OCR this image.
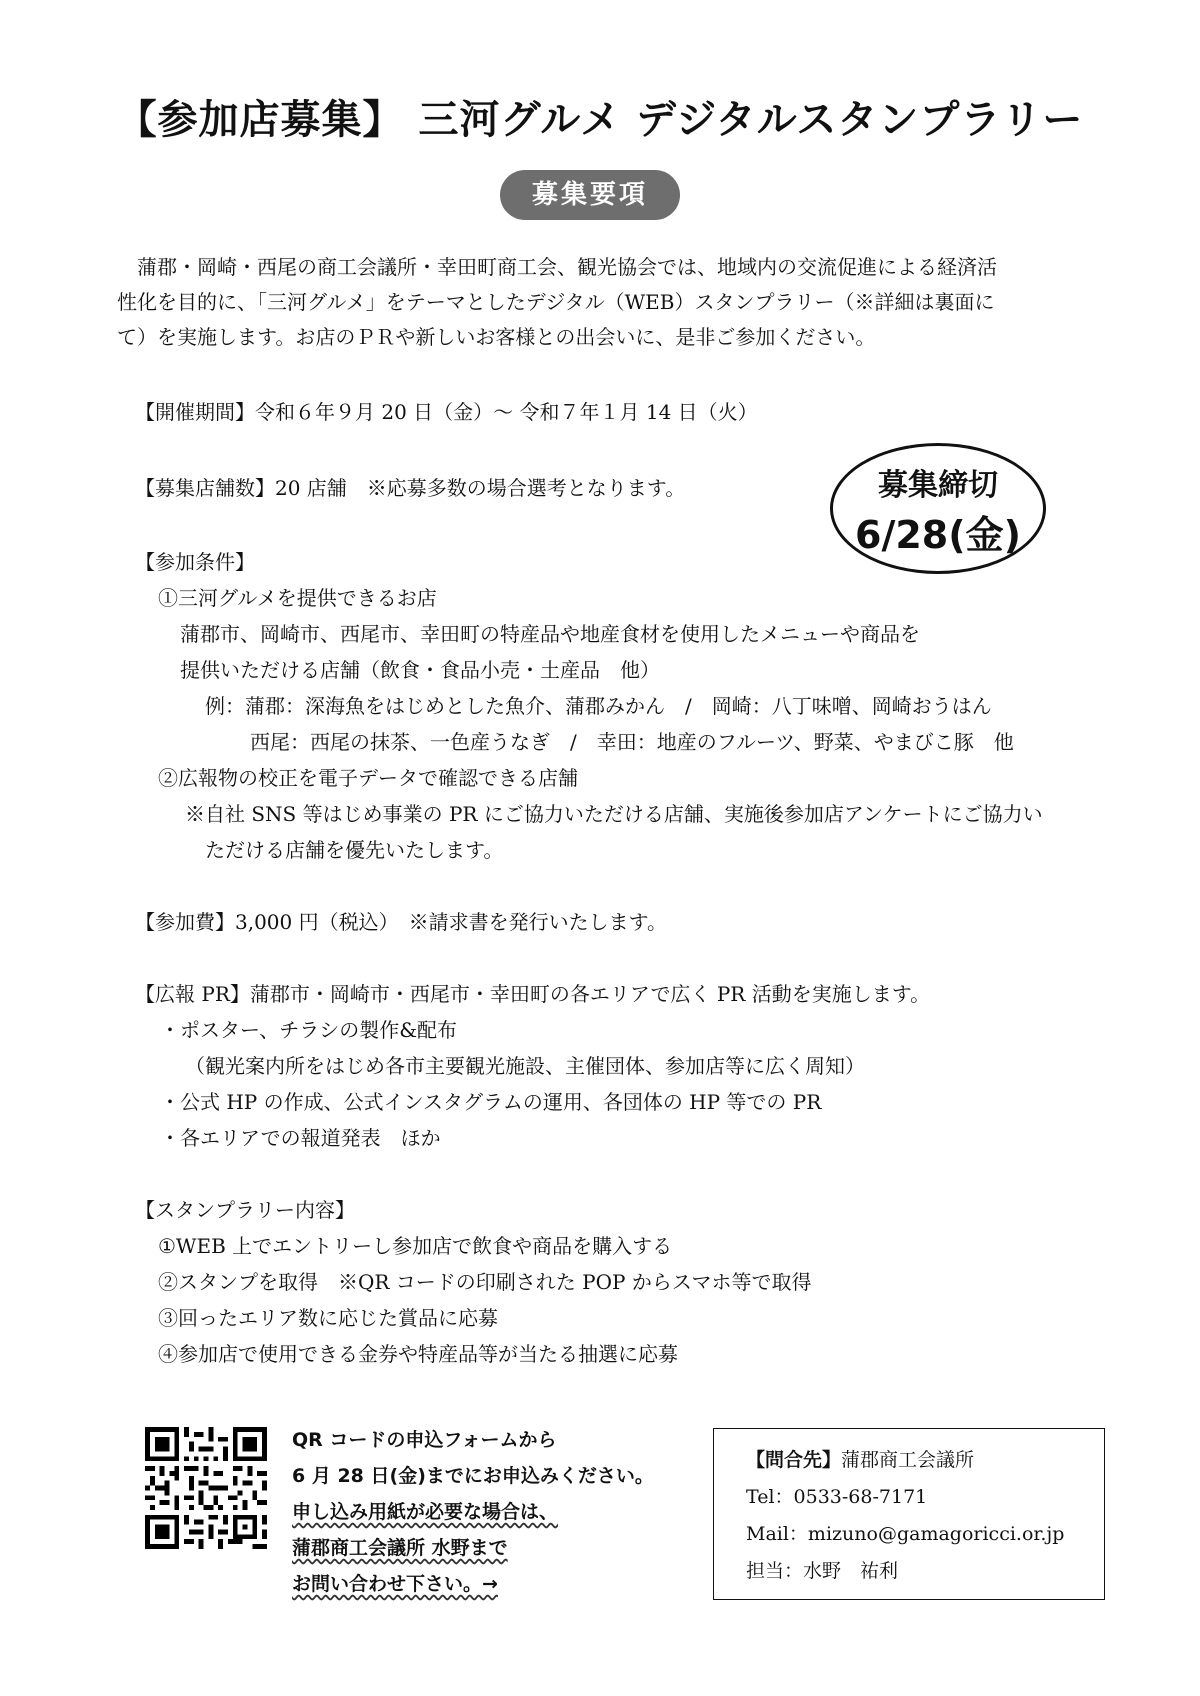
【参加店募集】 三河グルメ デジタルスタンプラリー
募集要項
蒲郡・岡崎・西尾の商工会議所・幸田町商工会、観光協会では、地域内の交流促進による経済活
性化を目的に、「三河グルメ」をテーマとしたデジタル（WEB）スタンプラリー（※詳細は裏面に
て）を実施します。お店のＰＲや新しいお客様との出会いに、是非ご参加ください。
【開催期間】令和６年９月 20 日（金）～ 令和７年１月 14 日（火）
【募集店舗数】20 店舗　※応募多数の場合選考となります。	募集締切
6/28(金)
【参加条件】
①三河グルメを提供できるお店
蒲郡市、岡崎市、西尾市、幸田町の特産品や地産食材を使用したメニューや商品を
提供いただける店舗（飲食・食品小売・土産品　他）
例：蒲郡：深海魚をはじめとした魚介、蒲郡みかん　/　岡崎：八丁味噌、岡崎おうはん
西尾：西尾の抹茶、一色産うなぎ　/　幸田：地産のフルーツ、野菜、やまびこ豚　他
②広報物の校正を電子データで確認できる店舗
※自社 SNS 等はじめ事業の PR にご協力いただける店舗、実施後参加店アンケートにご協力い
ただける店舗を優先いたします。
【参加費】3,000 円（税込）　※請求書を発行いたします。
【広報 PR】蒲郡市・岡崎市・西尾市・幸田町の各エリアで広く PR 活動を実施します。
・ポスター、チラシの製作&配布
（観光案内所をはじめ各市主要観光施設、主催団体、参加店等に広く周知）
・公式 HP の作成、公式インスタグラムの運用、各団体の HP 等での PR
・各エリアでの報道発表　ほか
【スタンプラリー内容】
①WEB 上でエントリーし参加店で飲食や商品を購入する
②スタンプを取得　※QR コードの印刷された POP からスマホ等で取得
③回ったエリア数に応じた賞品に応募
④参加店で使用できる金券や特産品等が当たる抽選に応募
QR コードの申込フォームから
6 月 28 日(金)までにお申込みください。
申し込み用紙が必要な場合は、
蒲郡商工会議所 水野まで
お問い合わせ下さい。→
【問合先】蒲郡商工会議所
Tel：0533-68-7171
Mail：mizuno@gamagoricci.or.jp
担当：水野　祐利
